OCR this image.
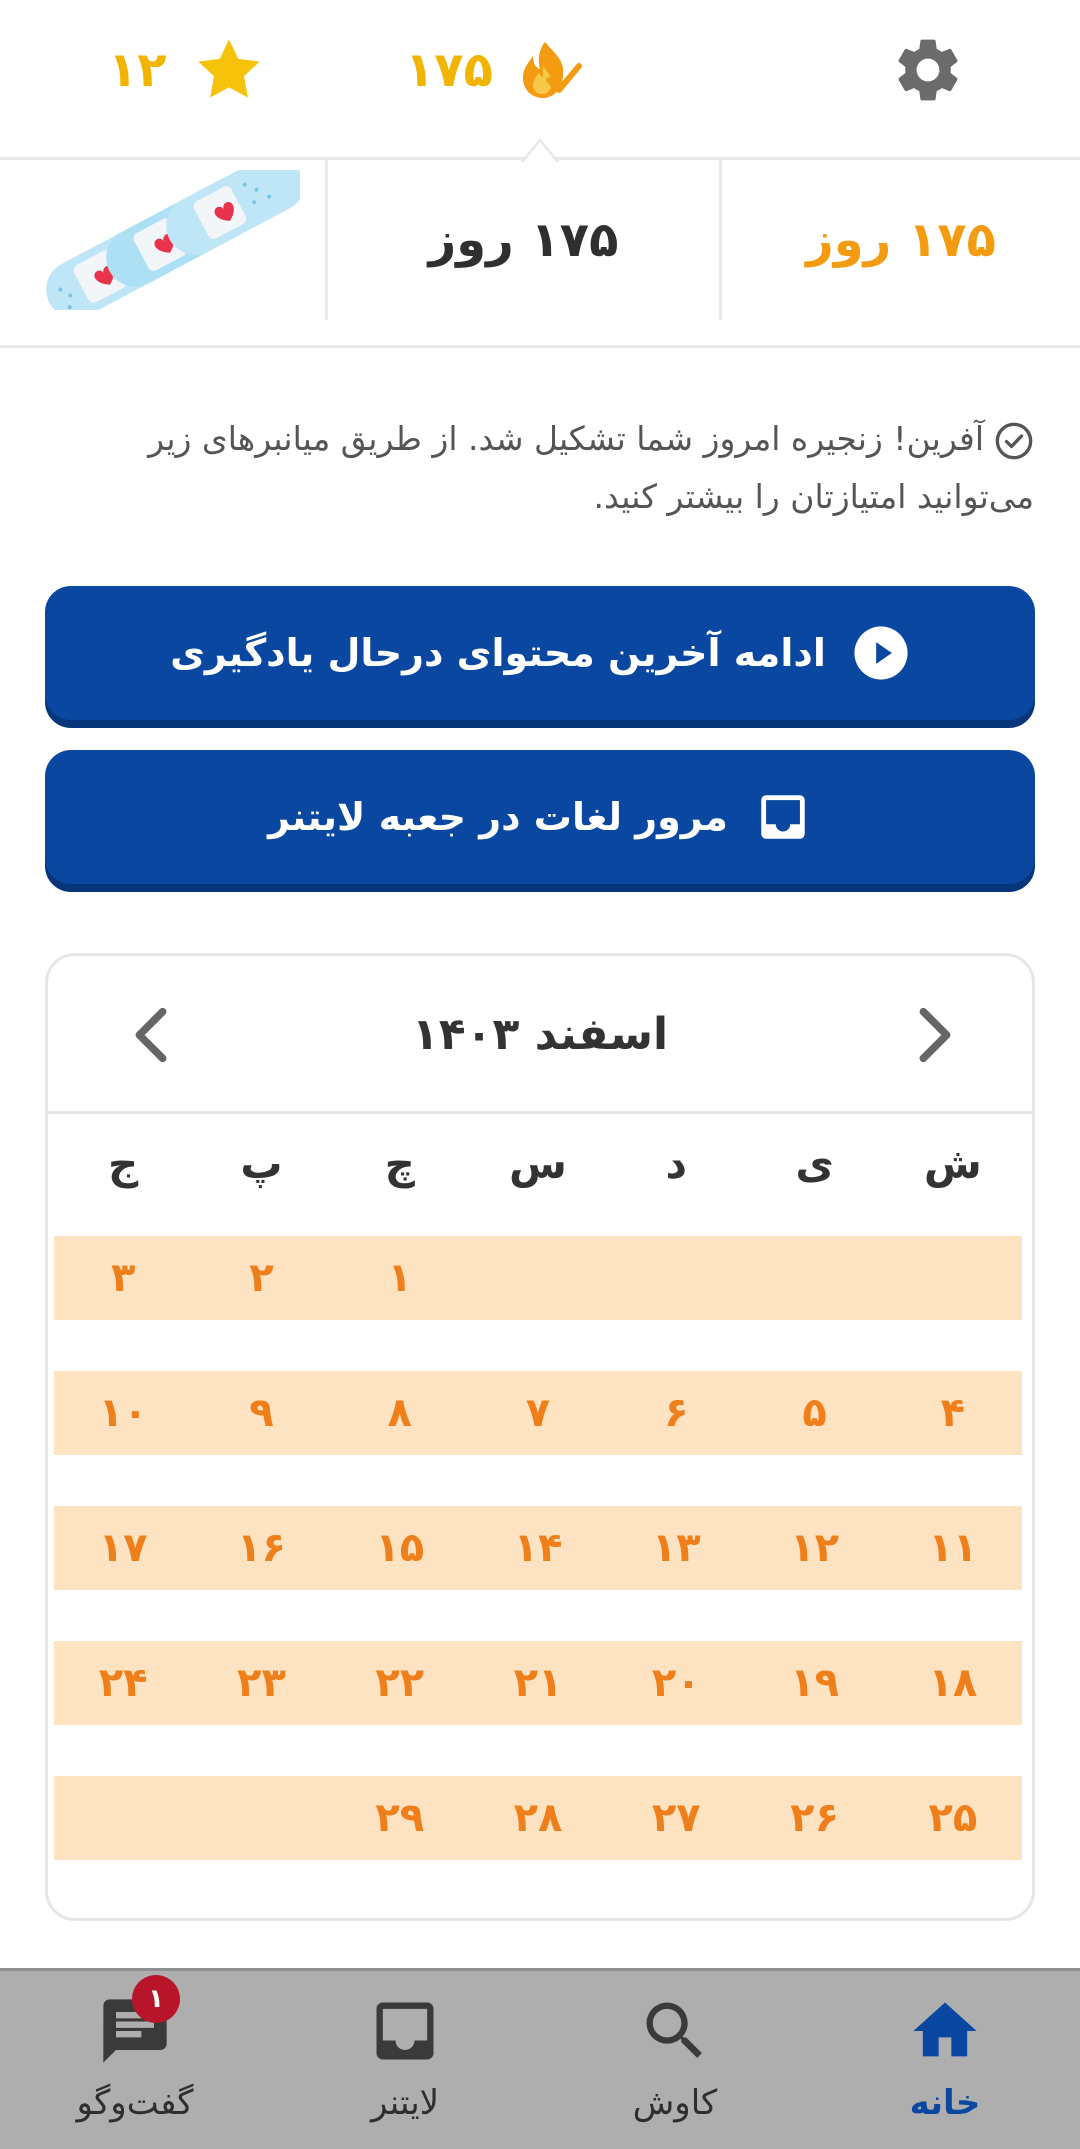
۱۷۵
۱۲
۱۷۵ روز
۱۷۵ روز
آفرین! زنجیره امروز شما تشکیل شد. از طریق میانبرهای زیر می‌توانید امتیازتان را بیشتر کنید.
ادامه آخرین محتوای درحال یادگیری
مرور لغات در جعبه لایتنر
اسفند ۱۴۰۳
ش
ی
د
س
چ
پ
ج
۱
۲
۳
۴
۵
۶
۷
۸
۹
۱۰
۱۱
۱۲
۱۳
۱۴
۱۵
۱۶
۱۷
۱۸
۱۹
۲۰
۲۱
۲۲
۲۳
۲۴
۲۵
۲۶
۲۷
۲۸
۲۹
خانه
کاوش
لایتنر
۱
گفت‌وگو
